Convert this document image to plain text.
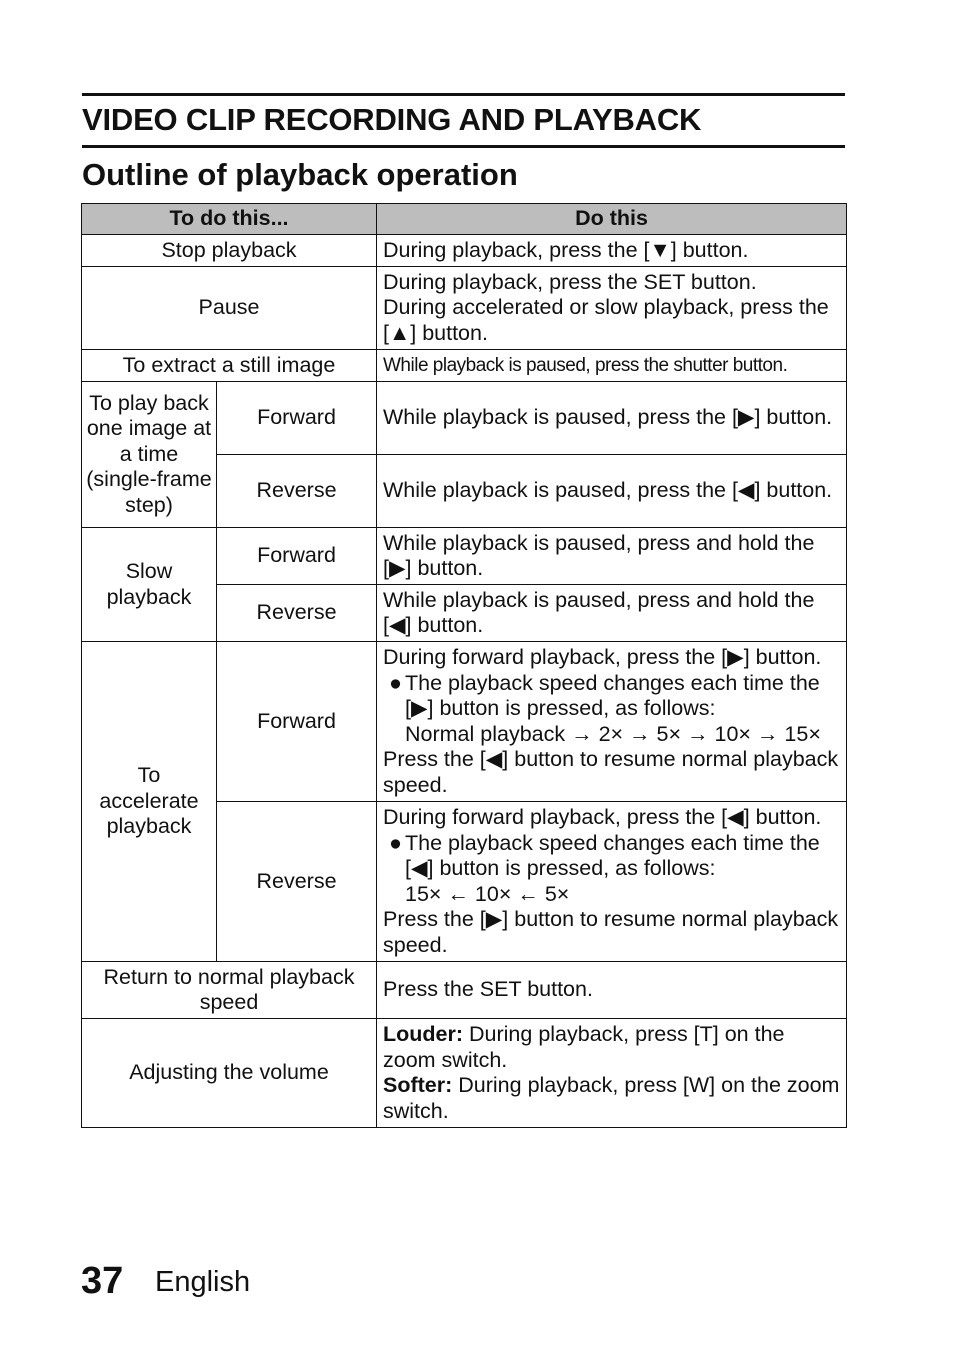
VIDEO CLIP RECORDING AND PLAYBACK
Outline of playback operation
To do this...		Do this
Stop playback		During playback, press the [▼] button.
Pause		During playback, press the SET button.
During accelerated or slow playback, press the [▲] button.
To extract a still image		While playback is paused, press the shutter button.
To play back one image at a time (single-frame step)	Forward	While playback is paused, press the [▶] button.
	Reverse	While playback is paused, press the [◀] button.
Slow playback	Forward	While playback is paused, press and hold the [▶] button.
	Reverse	While playback is paused, press and hold the [◀] button.
To accelerate playback	Forward	During forward playback, press the [▶] button.
● The playback speed changes each time the [▶] button is pressed, as follows:
Normal playback → 2× → 5× → 10× → 15×
Press the [◀] button to resume normal playback speed.
	Reverse	During forward playback, press the [◀] button.
● The playback speed changes each time the [◀] button is pressed, as follows:
15× ← 10× ← 5×
Press the [▶] button to resume normal playback speed.
Return to normal playback speed		Press the SET button.
Adjusting the volume		Louder: During playback, press [T] on the zoom switch.
Softer: During playback, press [W] on the zoom switch.
37 English
